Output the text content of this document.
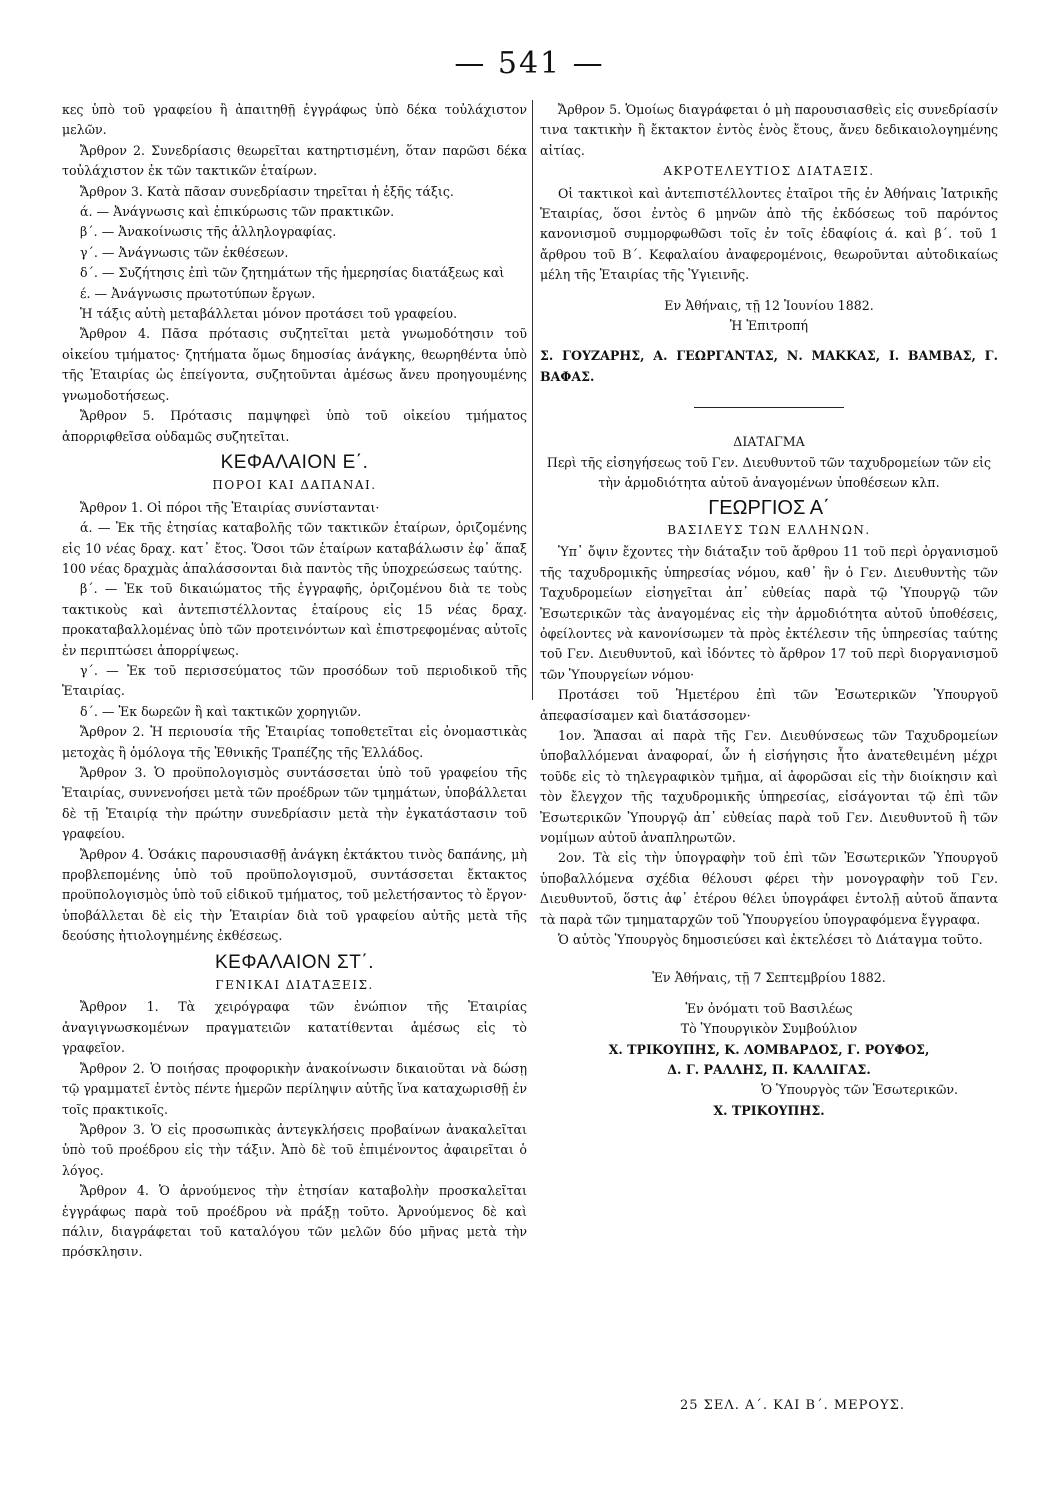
— 541 —

κες ὑπὸ τοῦ γραφείου ἢ ἀπαιτηθῇ ἐγγράφως ὑπὸ δέκα τοὐλάχιστον μελῶν.

Ἄρθρον 2. Συνεδρίασις θεωρεῖται κατηρτισμένη, ὅταν παρῶσι δέκα τοὐλάχιστον ἐκ τῶν τακτικῶν ἑταίρων.

Ἄρθρον 3. Κατὰ πᾶσαν συνεδρίασιν τηρεῖται ἡ ἑξῆς τάξις.

ά. — Ἀνάγνωσις καὶ ἐπικύρωσις τῶν πρακτικῶν.

β΄. — Ἀνακοίνωσις τῆς ἀλληλογραφίας.

γ΄. — Ἀνάγνωσις τῶν ἐκθέσεων.

δ΄. — Συζήτησις ἐπὶ τῶν ζητημάτων τῆς ἡμερησίας διατάξεως καὶ

έ. — Ἀνάγνωσις πρωτοτύπων ἔργων.

Ἡ τάξις αὐτὴ μεταβάλλεται μόνον προτάσει τοῦ γραφείου.

Ἄρθρον 4. Πᾶσα πρότασις συζητεῖται μετὰ γνωμοδότησιν τοῦ οἰκείου τμήματος· ζητήματα ὅμως δημοσίας ἀνάγκης, θεωρηθέντα ὑπὸ τῆς Ἑταιρίας ὡς ἐπείγοντα, συζητοῦνται ἀμέσως ἄνευ προηγουμένης γνωμοδοτήσεως.

Ἄρθρον 5. Πρότασις παμψηφεὶ ὑπὸ τοῦ οἰκείου τμήματος ἀπορριφθεῖσα οὐδαμῶς συζητεῖται.

ΚΕΦΑΛΑΙΟΝ Ε΄.

ΠΟΡΟΙ ΚΑΙ ΔΑΠΑΝΑΙ.

Ἄρθρον 1. Οἱ πόροι τῆς Ἑταιρίας συνίστανται·

ά. — Ἐκ τῆς ἐτησίας καταβολῆς τῶν τακτικῶν ἑταίρων, ὁριζομένης εἰς 10 νέας δραχ. κατ᾽ ἔτος. Ὅσοι τῶν ἑταίρων καταβάλωσιν ἐφ᾽ ἅπαξ 100 νέας δραχμὰς ἀπαλάσσονται διὰ παντὸς τῆς ὑποχρεώσεως ταύτης.

β΄. — Ἐκ τοῦ δικαιώματος τῆς ἐγγραφῆς, ὁριζομένου διὰ τε τοὺς τακτικοὺς καὶ ἀντεπιστέλλοντας ἑταίρους εἰς 15 νέας δραχ. προκαταβαλλομένας ὑπὸ τῶν προτεινόντων καὶ ἐπιστρεφομένας αὐτοῖς ἐν περιπτώσει ἀπορρίψεως.

γ΄. — Ἐκ τοῦ περισσεύματος τῶν προσόδων τοῦ περιοδικοῦ τῆς Ἑταιρίας.

δ΄. — Ἐκ δωρεῶν ἢ καὶ τακτικῶν χορηγιῶν.

Ἄρθρον 2. Ἡ περιουσία τῆς Ἑταιρίας τοποθετεῖται εἰς ὀνομαστικὰς μετοχὰς ἢ ὁμόλογα τῆς Ἐθνικῆς Τραπέζης τῆς Ἑλλάδος.

Ἄρθρον 3. Ὁ προϋπολογισμὸς συντάσσεται ὑπὸ τοῦ γραφείου τῆς Ἑταιρίας, συννενοήσει μετὰ τῶν προέδρων τῶν τμημάτων, ὑποβάλλεται δὲ τῇ Ἑταιρίᾳ τὴν πρώτην συνεδρίασιν μετὰ τὴν ἐγκατάστασιν τοῦ γραφείου.

Ἄρθρον 4. Ὁσάκις παρουσιασθῇ ἀνάγκη ἐκτάκτου τινὸς δαπάνης, μὴ προβλεπομένης ὑπὸ τοῦ προϋπολογισμοῦ, συντάσσεται ἔκτακτος προϋπολογισμὸς ὑπὸ τοῦ εἰδικοῦ τμήματος, τοῦ μελετήσαντος τὸ ἔργον· ὑποβάλλεται δὲ εἰς τὴν Ἑταιρίαν διὰ τοῦ γραφείου αὐτῆς μετὰ τῆς δεούσης ἠτιολογημένης ἐκθέσεως.

ΚΕΦΑΛΑΙΟΝ ΣΤ΄.

ΓΕΝΙΚΑΙ ΔΙΑΤΑΞΕΙΣ.

Ἄρθρον 1. Τὰ χειρόγραφα τῶν ἐνώπιον τῆς Ἑταιρίας ἀναγιγνωσκομένων πραγματειῶν κατατίθενται ἀμέσως εἰς τὸ γραφεῖον.

Ἄρθρον 2. Ὁ ποιήσας προφορικὴν ἀνακοίνωσιν δικαιοῦται νὰ δώσῃ τῷ γραμματεῖ ἐντὸς πέντε ἡμερῶν περίληψιν αὐτῆς ἵνα καταχωρισθῇ ἐν τοῖς πρακτικοῖς.

Ἄρθρον 3. Ὁ εἰς προσωπικὰς ἀντεγκλήσεις προβαίνων ἀνακαλεῖται ὑπὸ τοῦ προέδρου εἰς τὴν τάξιν. Ἀπὸ δὲ τοῦ ἐπιμένοντος ἀφαιρεῖται ὁ λόγος.

Ἄρθρον 4. Ὁ ἀρνούμενος τὴν ἐτησίαν καταβολὴν προσκαλεῖται ἐγγράφως παρὰ τοῦ προέδρου νὰ πράξῃ τοῦτο. Ἀρνούμενος δὲ καὶ πάλιν, διαγράφεται τοῦ καταλόγου τῶν μελῶν δύο μῆνας μετὰ τὴν πρόσκλησιν.

Ἄρθρον 5. Ὁμοίως διαγράφεται ὁ μὴ παρουσιασθεὶς εἰς συνεδρίασίν τινα τακτικὴν ἢ ἔκτακτον ἐντὸς ἑνὸς ἔτους, ἄνευ δεδικαιολογημένης αἰτίας.

ΑΚΡΟΤΕΛΕΥΤΙΟΣ ΔΙΑΤΑΞΙΣ.

Οἱ τακτικοὶ καὶ ἀντεπιστέλλοντες ἑταῖροι τῆς ἐν Ἀθήναις Ἰατρικῆς Ἑταιρίας, ὅσοι ἐντὸς 6 μηνῶν ἀπὸ τῆς ἐκδόσεως τοῦ παρόντος κανονισμοῦ συμμορφωθῶσι τοῖς ἐν τοῖς ἐδαφίοις ά. καὶ β΄. τοῦ 1 ἄρθρου τοῦ Β΄. Κεφαλαίου ἀναφερομένοις, θεωροῦνται αὐτοδικαίως μέλη τῆς Ἑταιρίας τῆς Ὑγιεινῆς.

Εν Ἀθήναις, τῇ 12 Ἰουνίου 1882.

Ἡ Ἐπιτροπή

Σ. ΓΟΥΖΑΡΗΣ, Α. ΓΕΩΡΓΑΝΤΑΣ, Ν. ΜΑΚΚΑΣ, Ι. ΒΑΜΒΑΣ, Γ. ΒΑΦΑΣ.

ΔΙΑΤΑΓΜΑ

Περὶ τῆς εἰσηγήσεως τοῦ Γεν. Διευθυντοῦ τῶν ταχυδρομείων τῶν εἰς τὴν ἁρμοδιότητα αὐτοῦ ἀναγομένων ὑποθέσεων κλπ.

ΓΕΩΡΓΙΟΣ Α΄

ΒΑΣΙΛΕΥΣ ΤΩΝ ΕΛΛΗΝΩΝ.

Ὑπ᾽ ὄψιν ἔχοντες τὴν διάταξιν τοῦ ἄρθρου 11 τοῦ περὶ ὀργανισμοῦ τῆς ταχυδρομικῆς ὑπηρεσίας νόμου, καθ᾽ ἣν ὁ Γεν. Διευθυντὴς τῶν Ταχυδρομείων εἰσηγεῖται ἀπ᾽ εὐθείας παρὰ τῷ Ὑπουργῷ τῶν Ἐσωτερικῶν τὰς ἀναγομένας εἰς τὴν ἁρμοδιότητα αὐτοῦ ὑποθέσεις, ὀφείλοντες νὰ κανονίσωμεν τὰ πρὸς ἐκτέλεσιν τῆς ὑπηρεσίας ταύτης τοῦ Γεν. Διευθυντοῦ, καὶ ἰδόντες τὸ ἄρθρον 17 τοῦ περὶ διοργανισμοῦ τῶν Ὑπουργείων νόμου·

Προτάσει τοῦ Ἡμετέρου ἐπὶ τῶν Ἐσωτερικῶν Ὑπουργοῦ ἀπεφασίσαμεν καὶ διατάσσομεν·

1ον. Ἅπασαι αἱ παρὰ τῆς Γεν. Διευθύνσεως τῶν Ταχυδρομείων ὑποβαλλόμεναι ἀναφοραί, ὧν ἡ εἰσήγησις ἦτο ἀνατεθειμένη μέχρι τοῦδε εἰς τὸ τηλεγραφικὸν τμῆμα, αἱ ἀφορῶσαι εἰς τὴν διοίκησιν καὶ τὸν ἔλεγχον τῆς ταχυδρομικῆς ὑπηρεσίας, εἰσάγονται τῷ ἐπὶ τῶν Ἐσωτερικῶν Ὑπουργῷ ἀπ᾽ εὐθείας παρὰ τοῦ Γεν. Διευθυντοῦ ἢ τῶν νομίμων αὐτοῦ ἀναπληρωτῶν.

2ον. Τὰ εἰς τὴν ὑπογραφὴν τοῦ ἐπὶ τῶν Ἐσωτερικῶν Ὑπουργοῦ ὑποβαλλόμενα σχέδια θέλουσι φέρει τὴν μονογραφὴν τοῦ Γεν. Διευθυντοῦ, ὅστις ἀφ᾽ ἑτέρου θέλει ὑπογράφει ἐντολῇ αὐτοῦ ἅπαντα τὰ παρὰ τῶν τμηματαρχῶν τοῦ Ὑπουργείου ὑπογραφόμενα ἔγγραφα.

Ὁ αὐτὸς Ὑπουργὸς δημοσιεύσει καὶ ἐκτελέσει τὸ Διάταγμα τοῦτο.

Ἐν Ἀθήναις, τῇ 7 Σεπτεμβρίου 1882.

Ἐν ὀνόματι τοῦ Βασιλέως

Τὸ Ὑπουργικὸν Συμβούλιον

Χ. ΤΡΙΚΟΥΠΗΣ, Κ. ΛΟΜΒΑΡΔΟΣ, Γ. ΡΟΥΦΟΣ,

Δ. Γ. ΡΑΛΛΗΣ, Π. ΚΑΛΛΙΓΑΣ.

Ὁ Ὑπουργὸς τῶν Ἐσωτερικῶν.

Χ. ΤΡΙΚΟΥΠΗΣ.

25 ΣΕΛ. Α΄. ΚΑΙ Β΄. ΜΕΡΟΥΣ.
